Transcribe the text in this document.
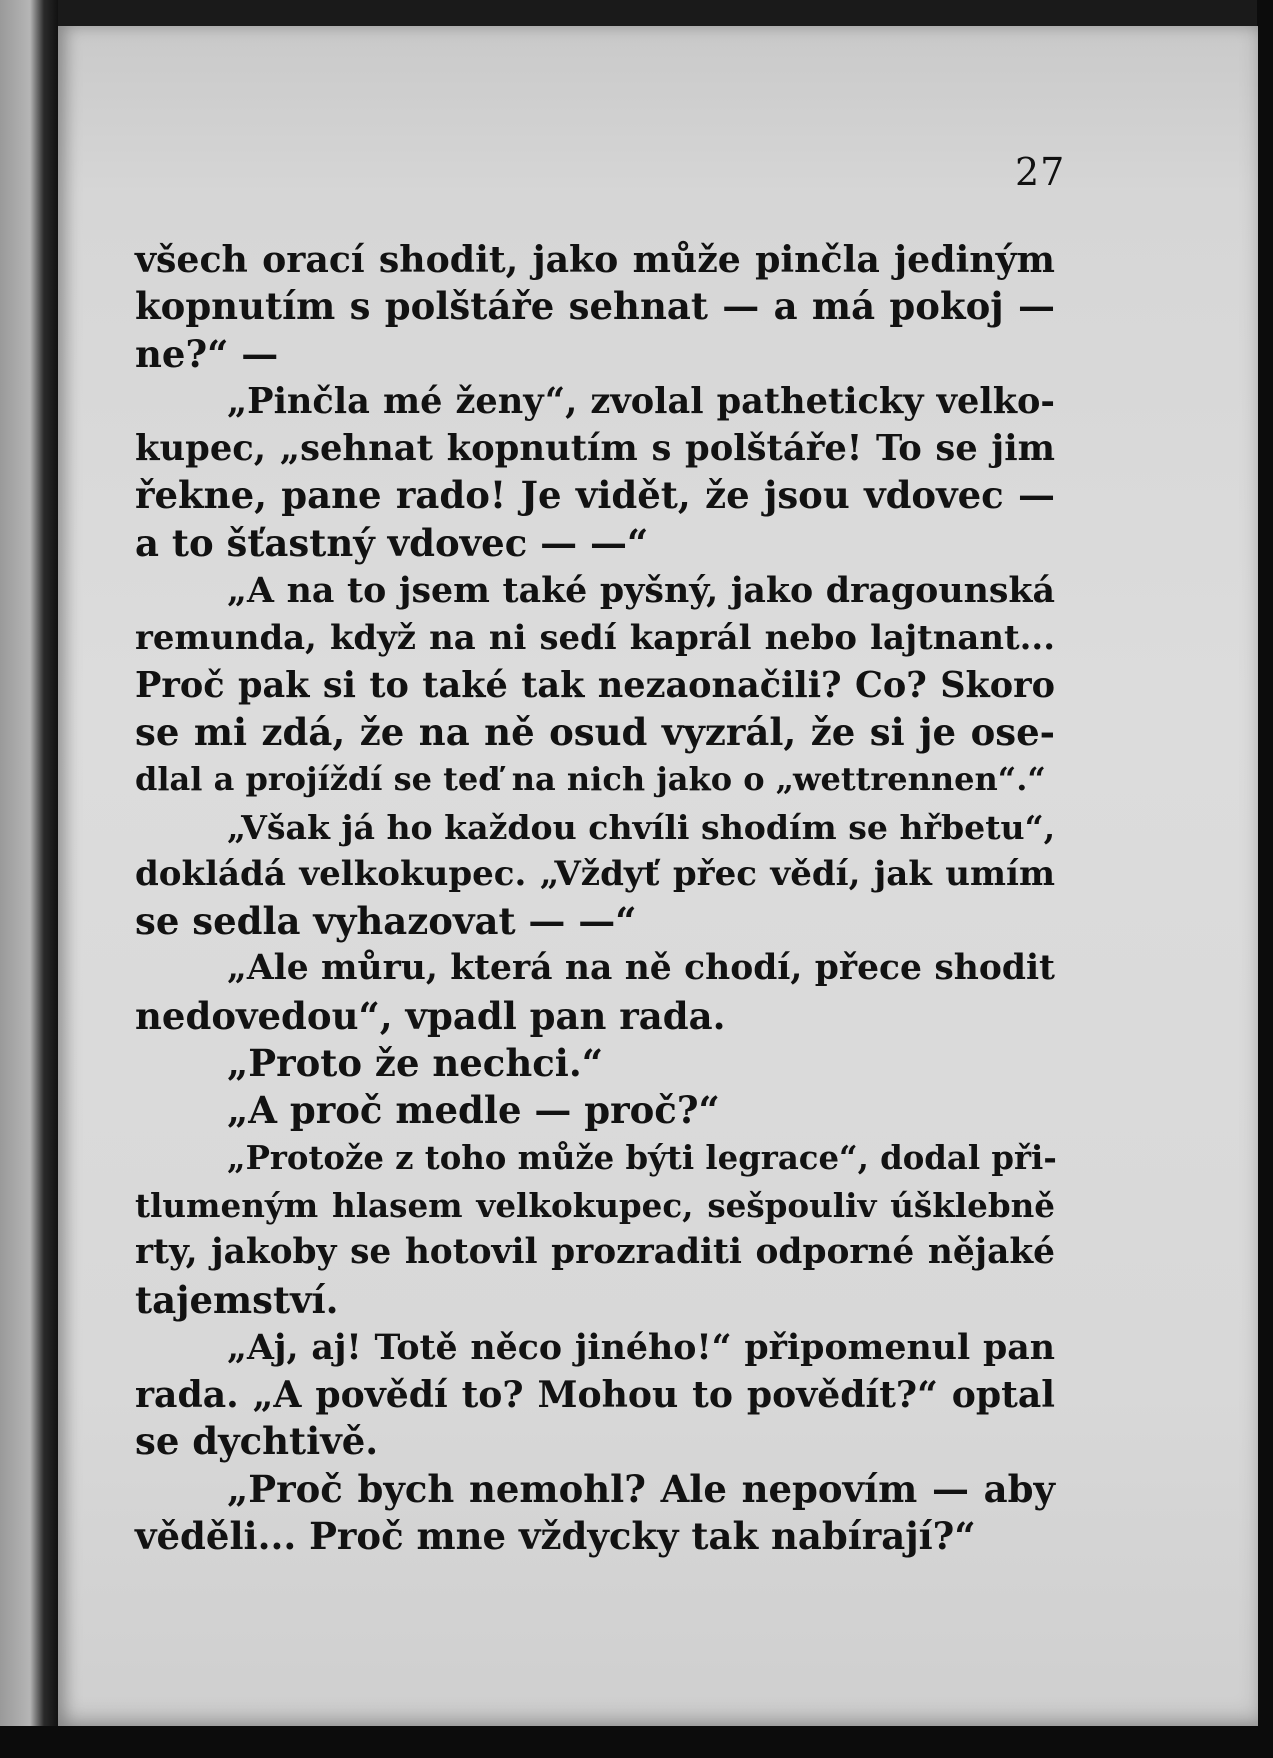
27
všech orací shodit, jako může pinčla jediným
kopnutím s polštáře sehnat — a má pokoj —
ne?“ —
„Pinčla mé ženy“, zvolal patheticky velko-
kupec, „sehnat kopnutím s polštáře! To se jim
řekne, pane rado! Je vidět, že jsou vdovec —
a to šťastný vdovec — —“
„A na to jsem také pyšný, jako dragounská
remunda, když na ni sedí kaprál nebo lajtnant...
Proč pak si to také tak nezaonačili? Co? Skoro
se mi zdá, že na ně osud vyzrál, že si je ose-
dlal a projíždí se teď na nich jako o „wettrennen“.“
„Však já ho každou chvíli shodím se hřbetu“,
dokládá velkokupec. „Vždyť přec vědí, jak umím
se sedla vyhazovat — —“
„Ale můru, která na ně chodí, přece shodit
nedovedou“, vpadl pan rada.
„Proto že nechci.“
„A proč medle — proč?“
„Protože z toho může býti legrace“, dodal při-
tlumeným hlasem velkokupec, sešpouliv úšklebně
rty, jakoby se hotovil prozraditi odporné nějaké
tajemství.
„Aj, aj! Totě něco jiného!“ připomenul pan
rada. „A povědí to? Mohou to povědít?“ optal
se dychtivě.
„Proč bych nemohl? Ale nepovím — aby
věděli... Proč mne vždycky tak nabírají?“
